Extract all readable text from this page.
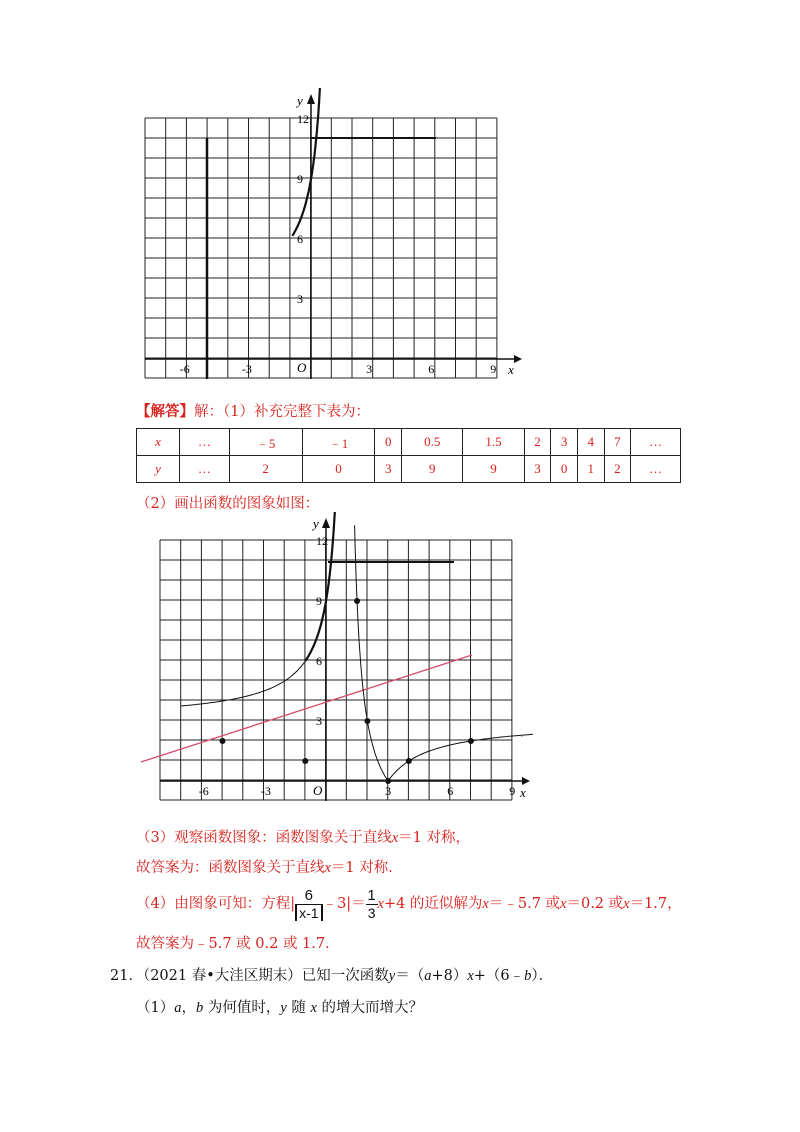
y
x
O
12
9
6
3
-6	-3	3	6	9
【解答】解：（1）补充完整下表为：
x	…	﹣5	﹣1	0	0.5	1.5	2	3	4	7	…
y	…	2	0	3	9	9	3	0	1	2	…
（2）画出函数的图象如图：
y
x
O
12
9
6
3
-6	-3	3	6	9
·
（3）观察函数图象：函数图象关于直线x＝1 对称，
故答案为：函数图象关于直线x＝1 对称．
（4）由图象可知：方程| $\frac{6}{x-1}$ ﹣3|＝ $\frac{1}{3} x+4$ 的近似解为x＝﹣5.7 或x＝0.2 或x＝1.7，
故答案为﹣5.7 或 0.2 或 1.7．
21．（2021 春•大洼区期末）已知一次函数y＝（a+8）x+（6﹣b）．
（1）a，b 为何值时，y 随 x 的增大而增大？
